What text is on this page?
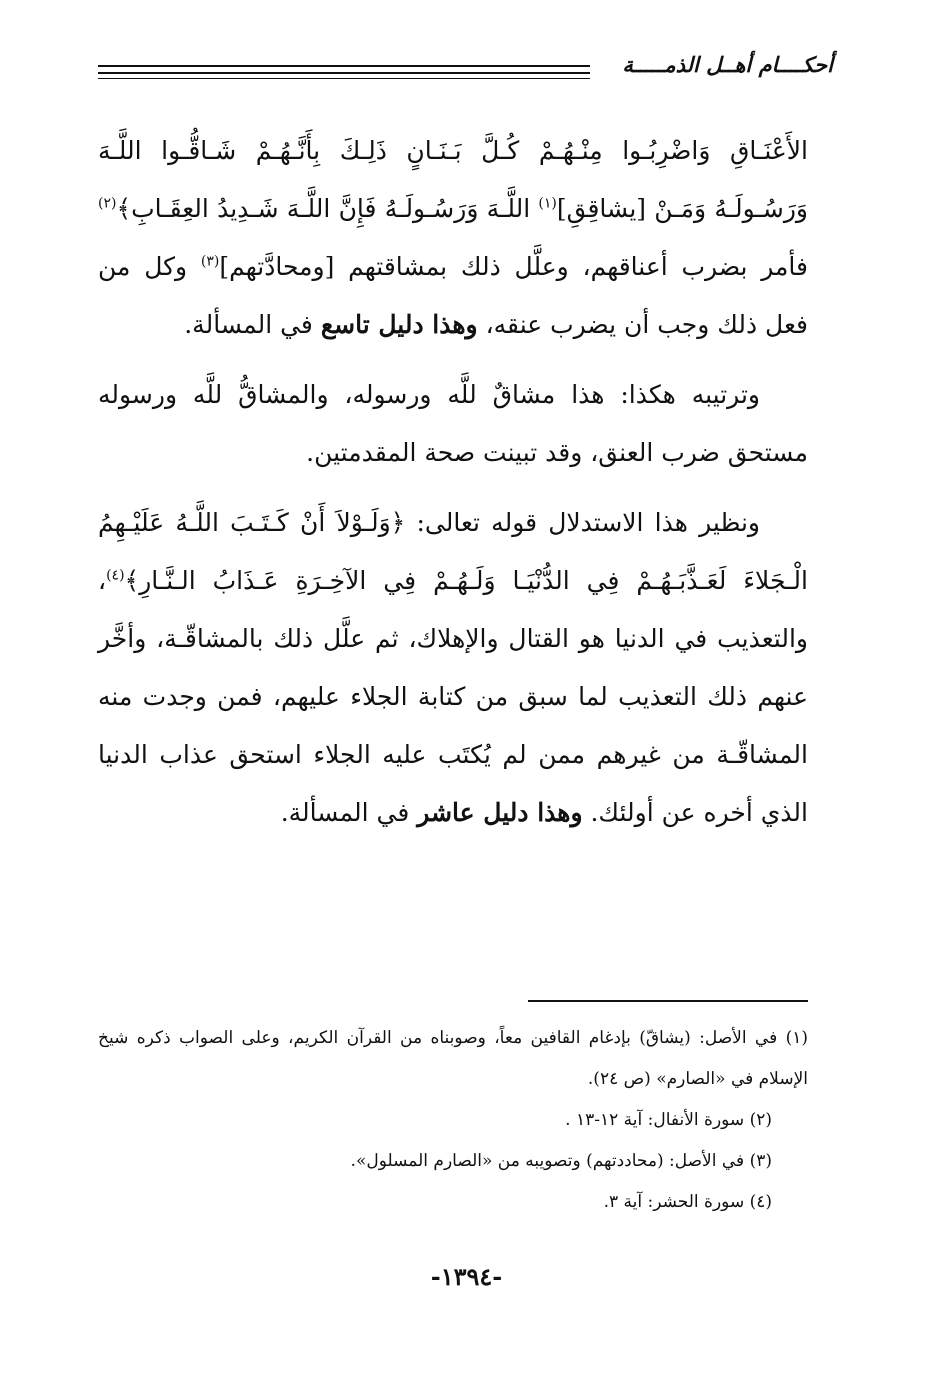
أحكــــام أهــل الذمـــــة

الأَعْنَـاقِ وَاضْرِبُـوا مِنْـهُـمْ كُـلَّ بَـنَـانٍ ذَلِـكَ بِأَنَّـهُـمْ شَـاقُّـوا اللَّـهَ وَرَسُـولَـهُ وَمَـنْ [يشاقِقِ]$^{(١)}$ اللَّـهَ وَرَسُـولَـهُ فَإِنَّ اللَّـهَ شَـدِيدُ العِقَـابِ﴾$^{(٢)}$ فأمر بضرب أعناقهم، وعلَّل ذلك بمشاقتهم [ومحادَّتهم]$^{(٣)}$ وكل من فعل ذلك وجب أن يضرب عنقه، وهذا دليل تاسع في المسألة.

وترتيبه هكذا: هذا مشاقٌ للَّه ورسوله، والمشاقُّ للَّه ورسوله مستحق ضرب العنق، وقد تبينت صحة المقدمتين.

ونظير هذا الاستدلال قوله تعالى: ﴿وَلَـوْلاَ أَنْ كَـتَـبَ اللَّـهُ عَلَيْـهِمُ الْـجَلاءَ لَعَـذَّبَـهُـمْ فِي الدُّنْيَـا وَلَـهُـمْ فِي الآخِـرَةِ عَـذَابُ الـنَّـارِ﴾$^{(٤)}$، والتعذيب في الدنيا هو القتال والإهلاك، ثم علَّل ذلك بالمشاقّـة، وأخَّر عنهم ذلك التعذيب لما سبق من كتابة الجلاء عليهم، فمن وجدت منه المشاقّـة من غيرهم ممن لم يُكتَب عليه الجلاء استحق عذاب الدنيا الذي أخره عن أولئك. وهذا دليل عاشر في المسألة.

(١) في الأصل: (يشاقّ) بإدغام القافين معاً، وصوبناه من القرآن الكريم، وعلى الصواب ذكره شيخ الإسلام في «الصارم» (ص ٢٤).

(٢) سورة الأنفال: آية ١٢-١٣ .

(٣) في الأصل: (محاددتهم) وتصويبه من «الصارم المسلول».

(٤) سورة الحشر: آية ٣.

-١٣٩٤-
